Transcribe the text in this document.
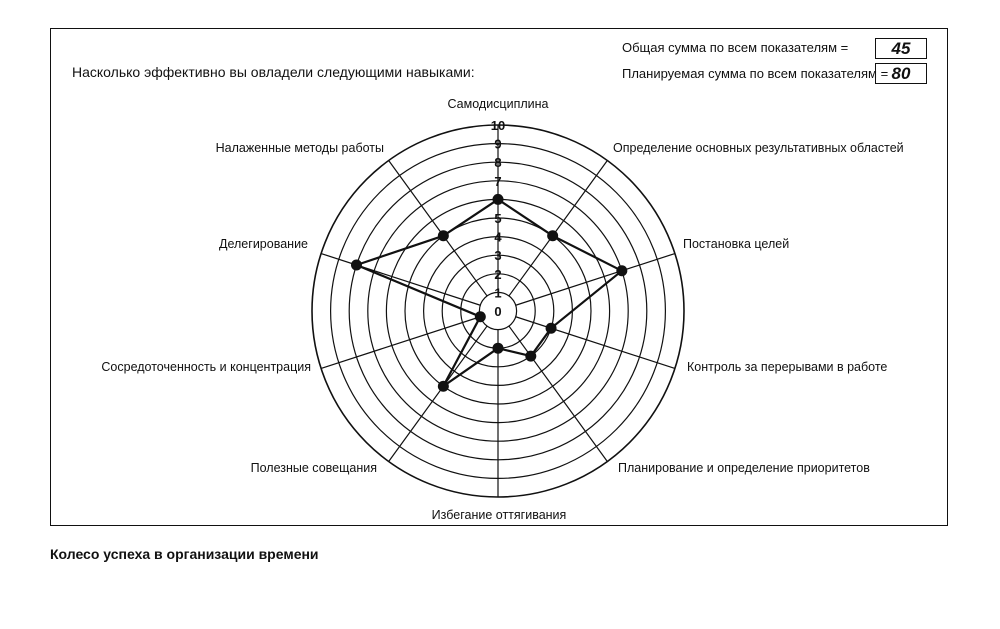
Насколько эффективно вы овладели следующими навыками:
Общая сумма по всем показателям =	45
Планируемая сумма по всем показателям = 80
0
1
2
3
4
5
7
8
9
10
Самодисциплина
Определение основных результативных областей
Постановка целей
Контроль за перерывами в работе
Планирование и определение приоритетов
Избегание оттягивания
Полезные совещания
Сосредоточенность и концентрация
Делегирование
Налаженные методы работы
Колесо успеха в организации времени
